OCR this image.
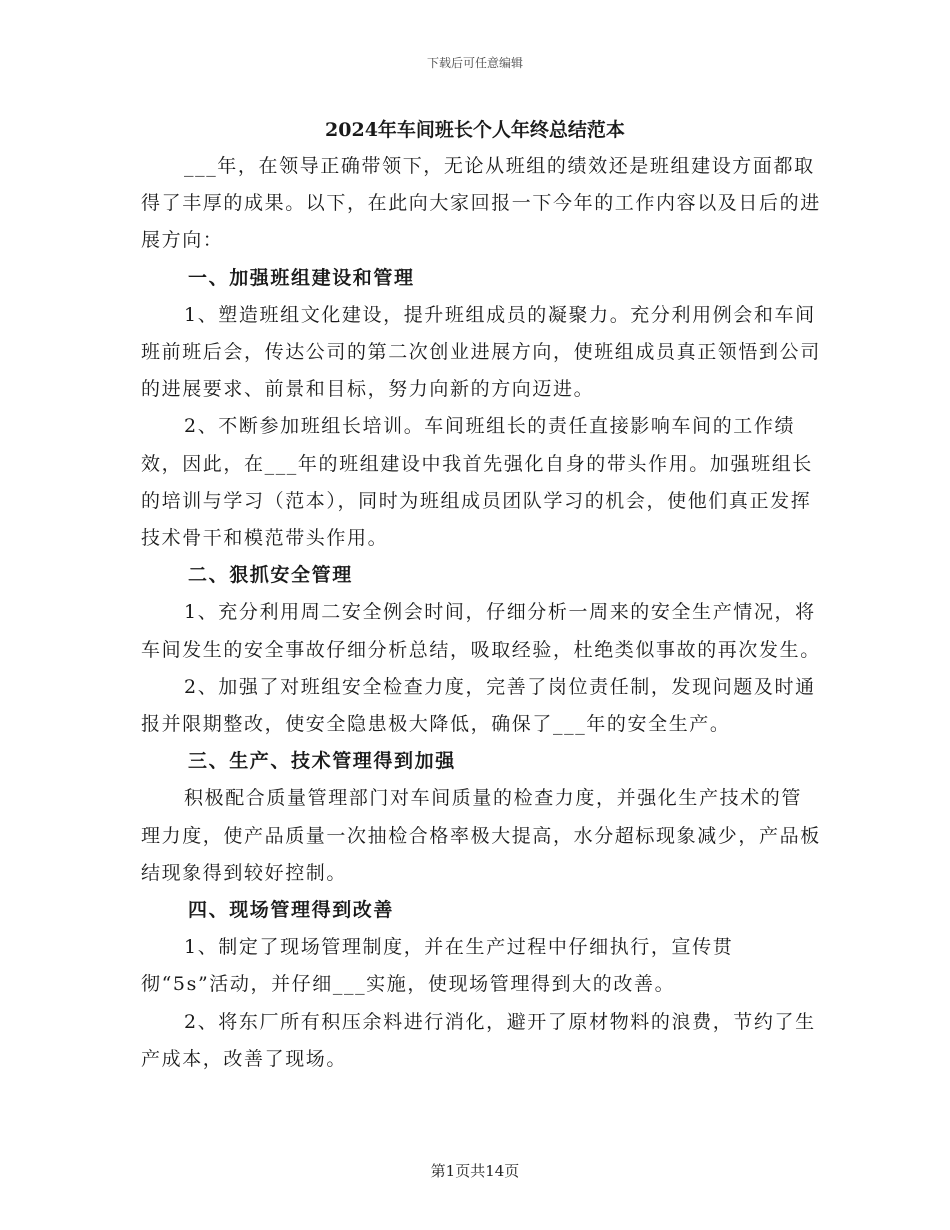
下载后可任意编辑
2024年车间班长个人年终总结范本

___年，在领导正确带领下，无论从班组的绩效还是班组建设方面都取得了丰厚的成果。以下，在此向大家回报一下今年的工作内容以及日后的进展方向：

一、加强班组建设和管理

1、塑造班组文化建设，提升班组成员的凝聚力。充分利用例会和车间班前班后会，传达公司的第二次创业进展方向，使班组成员真正领悟到公司的进展要求、前景和目标，努力向新的方向迈进。

2、不断参加班组长培训。车间班组长的责任直接影响车间的工作绩效，因此，在___年的班组建设中我首先强化自身的带头作用。加强班组长的培训与学习（范本），同时为班组成员团队学习的机会，使他们真正发挥技术骨干和模范带头作用。

二、狠抓安全管理

1、充分利用周二安全例会时间，仔细分析一周来的安全生产情况，将车间发生的安全事故仔细分析总结，吸取经验，杜绝类似事故的再次发生。

2、加强了对班组安全检查力度，完善了岗位责任制，发现问题及时通报并限期整改，使安全隐患极大降低，确保了___年的安全生产。

三、生产、技术管理得到加强

积极配合质量管理部门对车间质量的检查力度，并强化生产技术的管理力度，使产品质量一次抽检合格率极大提高，水分超标现象减少，产品板结现象得到较好控制。

四、现场管理得到改善

1、制定了现场管理制度，并在生产过程中仔细执行，宣传贯彻“5s”活动，并仔细___实施，使现场管理得到大的改善。

2、将东厂所有积压余料进行消化，避开了原材物料的浪费，节约了生产成本，改善了现场。

第1页共14页
